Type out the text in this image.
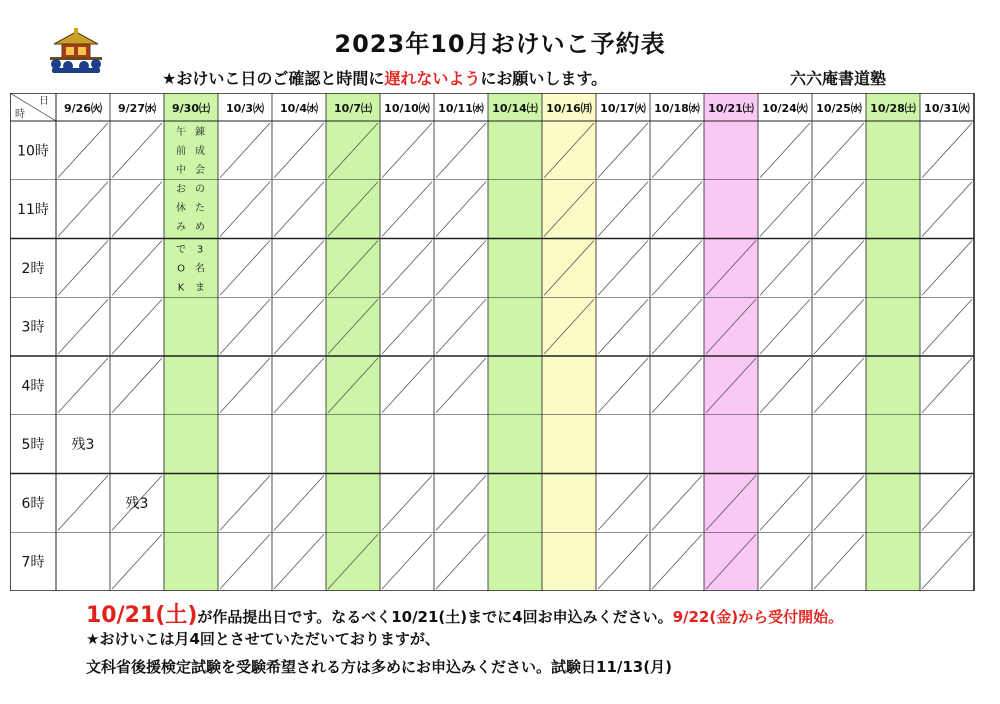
2023年10月おけいこ予約表
★おけいこ日のご確認と時間に遅れないようにお願いします。	六六庵書道塾
日
時	9/26㈫ 9/27㈬ 9/30㈯ 10/3㈫ 10/4㈬ 10/7㈯ 10/10㈫ 10/11㈬ 10/14㈯ 10/16㈪ 10/17㈫ 10/18㈬ 10/21㈯ 10/24㈫ 10/25㈬ 10/28㈯ 10/31㈫
10時
11時
2時
3時
4時
5時
6時
7時
残3
残3
午
前
中
お
休
み
錬
成
会
の
た
め
で
O
K
3
名
ま
10/21(土)が作品提出日です。なるべく10/21(土)までに4回お申込みください。9/22(金)から受付開始。
★おけいこは月4回とさせていただいておりますが、
文科省後援検定試験を受験希望される方は多めにお申込みください。試験日11/13(月)
